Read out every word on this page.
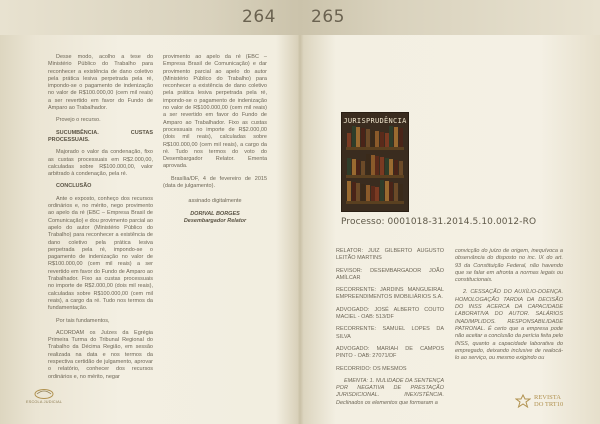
264 265

Desse modo, acolho a tese do Ministério Público do Trabalho para reconhecer a existência de dano coletivo pela prática lesiva perpetrada pela ré, impondo-se o pagamento de indenização no valor de R$100.000,00 (cem mil reais) a ser revertido em favor do Fundo de Amparo ao Trabalhador.

Provejo o recurso.

SUCUMBÊNCIA. CUSTAS PROCESSUAIS.

Majorado o valor da condenação, fixo as custas processuais em R$2.000,00, calculadas sobre R$100.000,00, valor arbitrado à condenação, pela ré.

CONCLUSÃO

Ante o exposto, conheço dos recursos ordinários e, no mérito, nego provimento ao apelo da ré (EBC – Empresa Brasil de Comunicação) e dou provimento parcial ao apelo do autor (Ministério Público do Trabalho) para reconhecer a existência de dano coletivo pela prática lesiva perpetrada pela ré, impondo-se o pagamento de indenização no valor de R$100.000,00 (cem mil reais) a ser revertido em favor do Fundo de Amparo ao Trabalhador. Fixo as custas processuais no importe de R$2.000,00 (dois mil reais), calculadas sobre R$100.000,00 (cem mil reais), a cargo da ré. Tudo nos termos da fundamentação.

Por tais fundamentos,

ACORDAM os Juízes da Egrégia Primeira Turma do Tribunal Regional do Trabalho da Décima Região, em sessão realizada na data e nos termos da respectiva certidão de julgamento, aprovar o relatório, conhecer dos recursos ordinários e, no mérito, negar

provimento ao apelo da ré (EBC – Empresa Brasil de Comunicação) e dar provimento parcial ao apelo do autor (Ministério Público do Trabalho) para reconhecer a existência de dano coletivo pela prática lesiva perpetrada pela ré, impondo-se o pagamento de indenização no valor de R$100.000,00 (cem mil reais) a ser revertido em favor do Fundo de Amparo ao Trabalhador. Fixo as custas processuais no importe de R$2.000,00 (dois mil reais), calculadas sobre R$100.000,00 (cem mil reais), a cargo da ré. Tudo nos termos do voto do Desembargador Relator. Ementa aprovada.

Brasília/DF, 4 de fevereiro de 2015 (data de julgamento).

assinado digitalmente
DORIVAL BORGES
Desembargador Relator
JURISPRUDÊNCIA
Processo: 0001018-31.2014.5.10.0012-RO

RELATOR: JUIZ GILBERTO AUGUSTO LEITÃO MARTINS

REVISOR: DESEMBARGADOR JOÃO AMÍLCAR

RECORRENTE: JARDINS MANGUEIRAL EMPREENDIMENTOS IMOBILIÁRIOS S.A.

ADVOGADO: JOSÉ ALBERTO COUTO MACIEL - OAB: 513/DF

RECORRENTE: SAMUEL LOPES DA SILVA

ADVOGADO: MARIAH DE CAMPOS PINTO - OAB: 27071/DF

RECORRIDO: OS MESMOS

EMENTA: 1. NULIDADE DA SENTENÇA POR NEGATIVA DE PRESTAÇÃO JURISDICIONAL. INEXISTÊNCIA. Declinados os elementos que formaram a

convicção do juízo de origem, inequívoca a observância do disposto no inc. IX do art. 93 da Constituição Federal, não havendo que se falar em afronta a normas legais ou constitucionais.

2. CESSAÇÃO DO AUXÍLIO-DOENÇA. HOMOLOGAÇÃO TARDIA DA DECISÃO DO INSS ACERCA DA CAPACIDADE LABORATIVA DO AUTOR. SALÁRIOS INADIMPLIDOS. RESPONSABILIDADE PATRONAL. É certo que a empresa pode não aceitar a conclusão da perícia feita pelo INSS, quanto a capacidade laborativa do empregado, deixando inclusive de realocá-lo ao serviço, ou mesmo exigindo ou

ESCOLA JUDICIAL
REVISTA
DO TRT10
